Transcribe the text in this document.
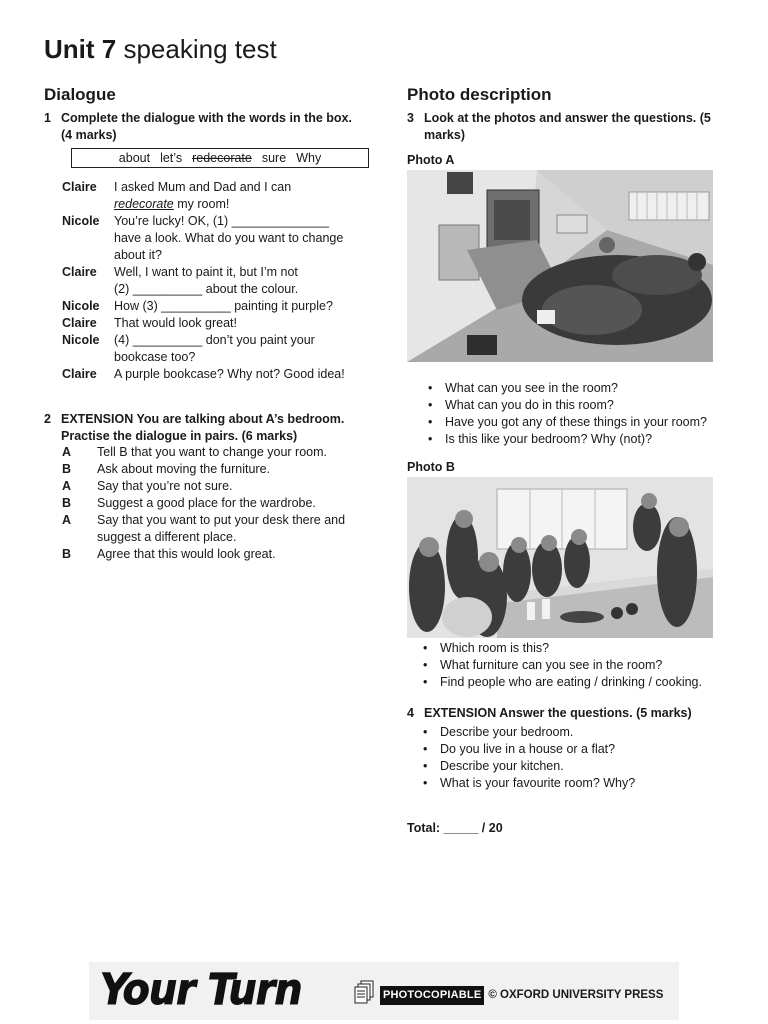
Unit 7 speaking test
Dialogue
1 Complete the dialogue with the words in the box. (4 marks)
about let’s redecorate sure Why
Claire I asked Mum and Dad and I can redecorate my room!
Nicole You’re lucky! OK, (1) ______________ have a look. What do you want to change about it?
Claire Well, I want to paint it, but I’m not (2) __________ about the colour.
Nicole How (3) __________ painting it purple?
Claire That would look great!
Nicole (4) __________ don’t you paint your bookcase too?
Claire A purple bookcase? Why not? Good idea!
2 EXTENSION You are talking about A’s bedroom. Practise the dialogue in pairs. (6 marks)
A Tell B that you want to change your room.
B Ask about moving the furniture.
A Say that you’re not sure.
B Suggest a good place for the wardrobe.
A Say that you want to put your desk there and
suggest a different place.
B Agree that this would look great.
Photo description
3 Look at the photos and answer the questions. (5 marks)
Photo A
• What can you see in the room?
• What can you do in this room?
• Have you got any of these things in your room?
• Is this like your bedroom? Why (not)?
Photo B
• Which room is this?
• What furniture can you see in the room?
• Find people who are eating / drinking / cooking.
4 EXTENSION Answer the questions. (5 marks)
• Describe your bedroom.
• Do you live in a house or a flat?
• Describe your kitchen.
• What is your favourite room? Why?
Total: _____ / 20
Your Turn	PHOTOCOPIABLE © OXFORD UNIVERSITY PRESS
